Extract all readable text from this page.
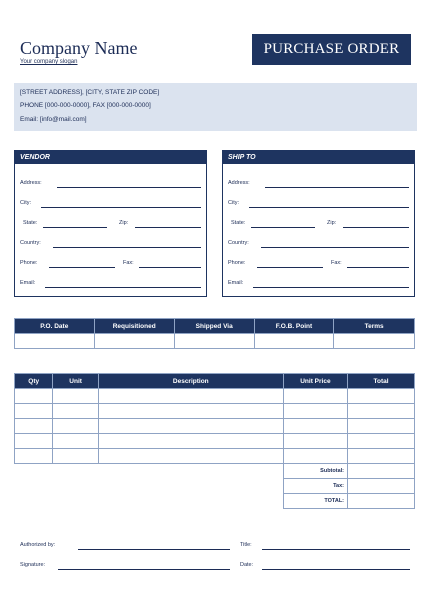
Company Name
Your company slogan
PURCHASE ORDER
[STREET ADDRESS], [CITY, STATE ZIP CODE]
PHONE [000-000-0000], FAX [000-000-0000]
Email: [info@mail.com]
VENDOR
Address:
City:
State:	Zip:
Country:
Phone:	Fax:
Email:
SHIP TO
Address:
City:
State:	Zip:
Country:
Phone:	Fax:
Email:
P.O. Date	Requisitioned	Shipped Via	F.O.B. Point	Terms

Qty	Unit	Description	Unit Price	Total

			Subtotal:	
			Tax:	
			TOTAL:	
Authorized by:	Title:
Signature:	Date:
